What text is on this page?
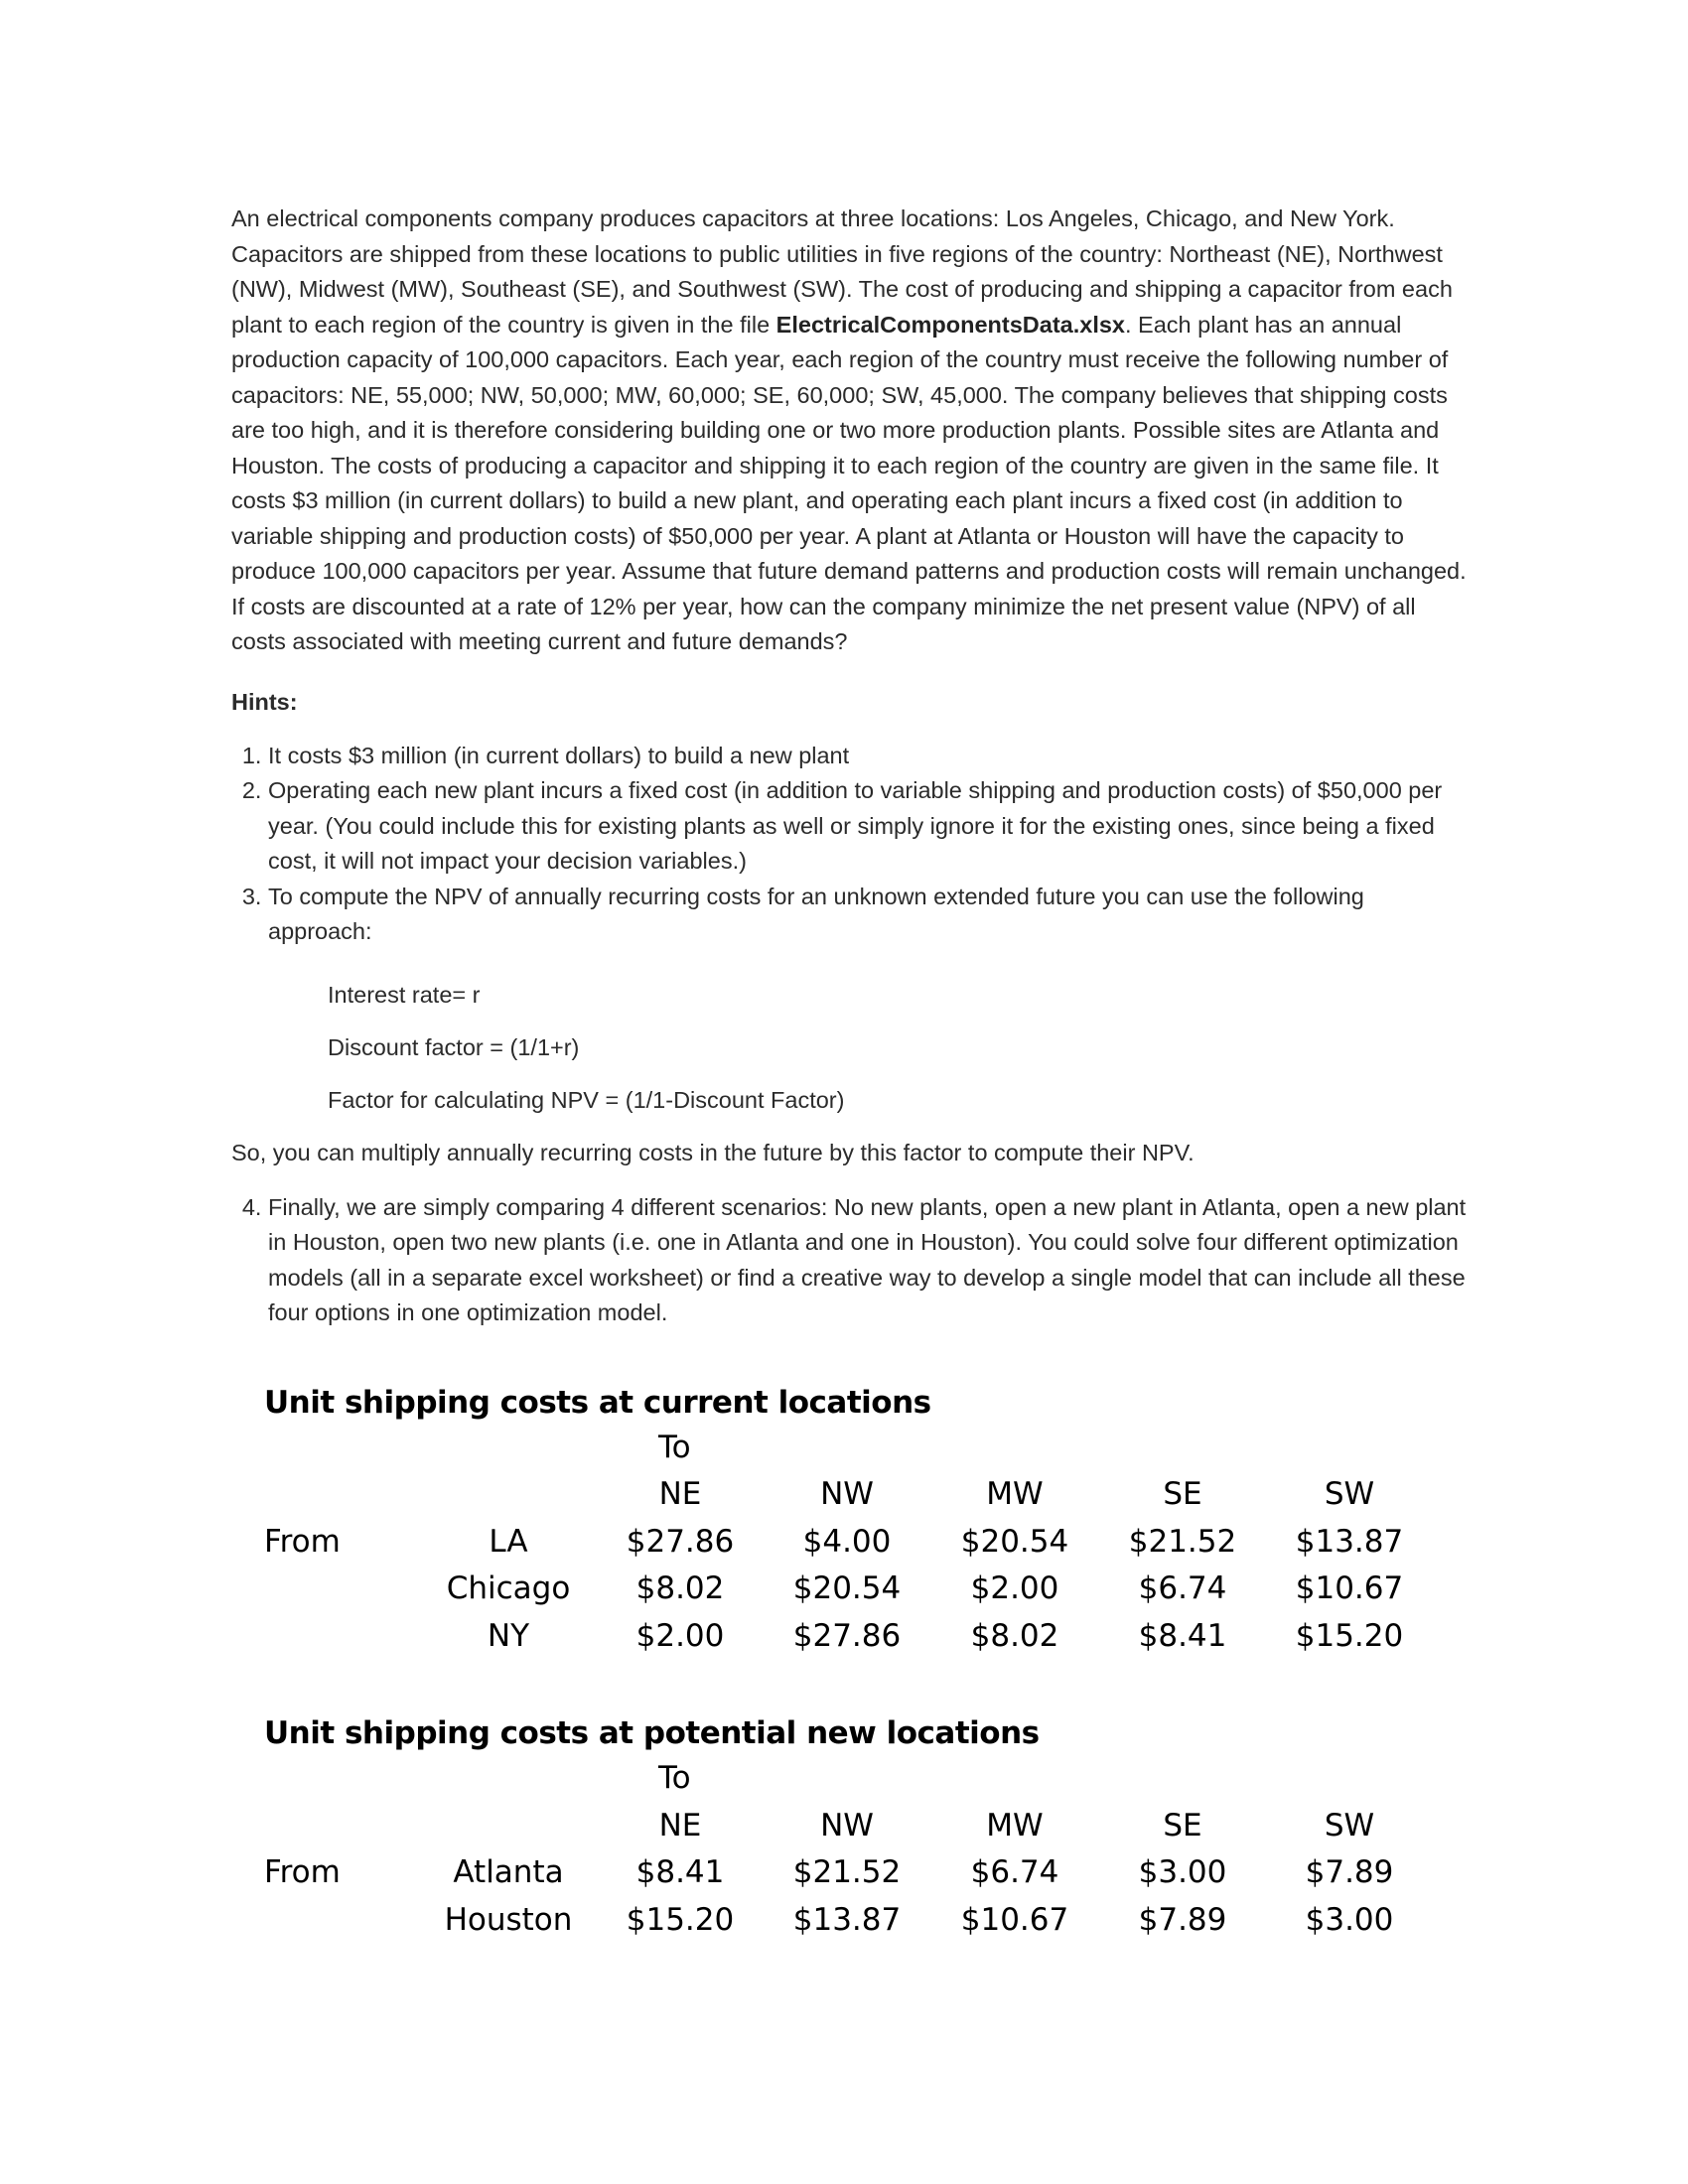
An electrical components company produces capacitors at three locations: Los Angeles, Chicago, and New York. Capacitors are shipped from these locations to public utilities in five regions of the country: Northeast (NE), Northwest (NW), Midwest (MW), Southeast (SE), and Southwest (SW). The cost of producing and shipping a capacitor from each plant to each region of the country is given in the file ElectricalComponentsData.xlsx. Each plant has an annual production capacity of 100,000 capacitors. Each year, each region of the country must receive the following number of capacitors: NE, 55,000; NW, 50,000; MW, 60,000; SE, 60,000; SW, 45,000. The company believes that shipping costs are too high, and it is therefore considering building one or two more production plants. Possible sites are Atlanta and Houston. The costs of producing a capacitor and shipping it to each region of the country are given in the same file. It costs $3 million (in current dollars) to build a new plant, and operating each plant incurs a fixed cost (in addition to variable shipping and production costs) of $50,000 per year. A plant at Atlanta or Houston will have the capacity to produce 100,000 capacitors per year. Assume that future demand patterns and production costs will remain unchanged. If costs are discounted at a rate of 12% per year, how can the company minimize the net present value (NPV) of all costs associated with meeting current and future demands?

Hints:
1. It costs $3 million (in current dollars) to build a new plant
2. Operating each new plant incurs a fixed cost (in addition to variable shipping and production costs) of $50,000 per year. (You could include this for existing plants as well or simply ignore it for the existing ones, since being a fixed cost, it will not impact your decision variables.)
3. To compute the NPV of annually recurring costs for an unknown extended future you can use the following approach:
Interest rate= r
Discount factor = (1/1+r)
Factor for calculating NPV = (1/1-Discount Factor)
So, you can multiply annually recurring costs in the future by this factor to compute their NPV.
4. Finally, we are simply comparing 4 different scenarios: No new plants, open a new plant in Atlanta, open a new plant in Houston, open two new plants (i.e. one in Atlanta and one in Houston). You could solve four different optimization models (all in a separate excel worksheet) or find a creative way to develop a single model that can include all these four options in one optimization model.
Unit shipping costs at current locations
To
NE	NW	MW	SE	SW
From	LA	$27.86 $4.00 $20.54 $21.52 $13.87
Chicago $8.02 $20.54 $2.00	$6.74 $10.67
NY	$2.00 $27.86 $8.02	$8.41 $15.20
Unit shipping costs at potential new locations
To
NE	NW	MW	SE	SW
From	Atlanta $8.41 $21.52 $6.74	$3.00	$7.89
Houston $15.20 $13.87 $10.67 $7.89	$3.00
